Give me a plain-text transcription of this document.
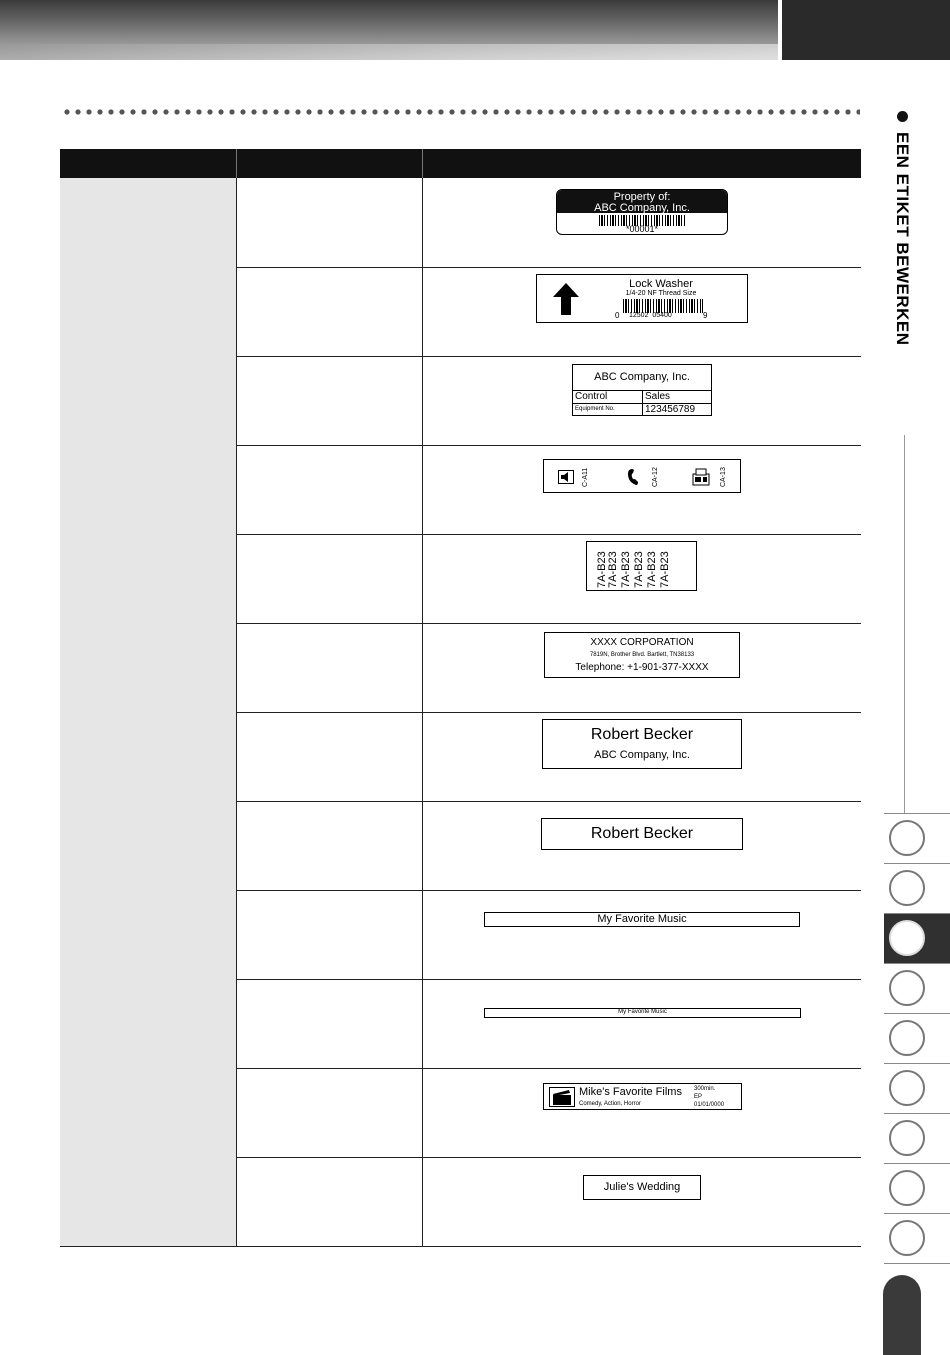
EEN ETIKET BEWERKEN
Property of:
ABC Company, Inc.
*00001*
Lock Washer
1/4-20 NF Thread Size
0 12502  05400	9
ABC Company, Inc.
Control	Sales
Equipment No.	123456789
C-A11	CA-12	CA-13
7A-B23 7A-B23 7A-B23 7A-B23 7A-B23 7A-B23
XXXX CORPORATION
7819N, Brother Blvd. Bartlett, TN38133
Telephone: +1-901-377-XXXX
Robert Becker
ABC Company, Inc.
Robert Becker
My Favorite Music
My Favorite Music
Mike's Favorite Films
Comedy, Action, Horror
300min.
EP
01/01/0000
Julie's Wedding
